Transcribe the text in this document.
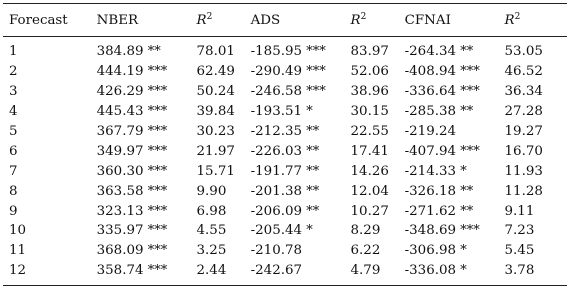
Forecast	NBER	$R^2$	ADS	$R^2$	CFNAI	$R^2$
1	384.89 **	78.01	-185.95 ***	83.97	-264.34 **	53.05
2	444.19 ***	62.49	-290.49 ***	52.06	-408.94 ***	46.52
3	426.29 ***	50.24	-246.58 ***	38.96	-336.64 ***	36.34
4	445.43 ***	39.84	-193.51 *	30.15	-285.38 **	27.28
5	367.79 ***	30.23	-212.35 **	22.55	-219.24	19.27
6	349.97 ***	21.97	-226.03 **	17.41	-407.94 ***	16.70
7	360.30 ***	15.71	-191.77 **	14.26	-214.33 *	11.93
8	363.58 ***	9.90	-201.38 **	12.04	-326.18 **	11.28
9	323.13 ***	6.98	-206.09 **	10.27	-271.62 **	9.11
10	335.97 ***	4.55	-205.44 *	8.29	-348.69 ***	7.23
11	368.09 ***	3.25	-210.78	6.22	-306.98 *	5.45
12	358.74 ***	2.44	-242.67	4.79	-336.08 *	3.78
